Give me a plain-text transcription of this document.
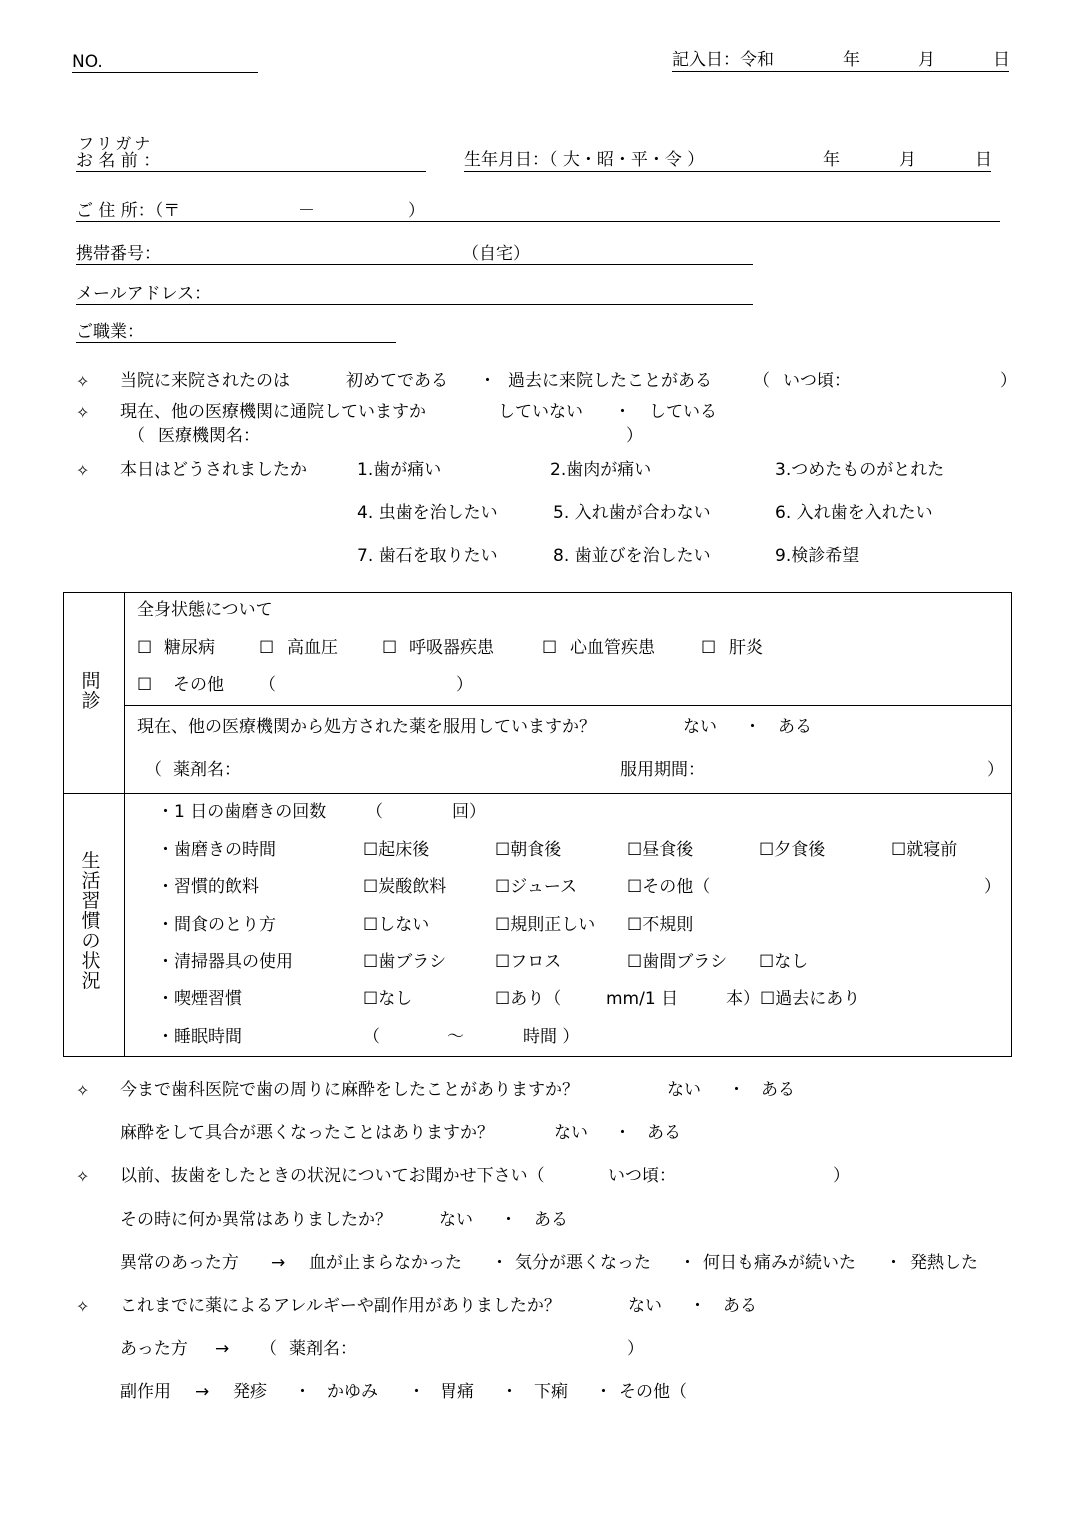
NO.	記入日：令和	年	月	日
フリガナ
お 名 前 ：	生年月日：（ 大・昭・平・令 ）	年	月	日
ご 住 所：（〒	－	）
携帯番号：	（自宅）
メールアドレス：
ご職業：
✧ 当院に来院されたのは	初めてである ・ 過去に来院したことがある （ いつ頃：	）
✧ 現在、他の医療機関に通院していますか	していない ・ している
（ 医療機関名：	）
✧ 本日はどうされましたか	1.歯が痛い	2.歯肉が痛い	3.つめたものがとれた
4. 虫歯を治したい	5. 入れ歯が合わない	6. 入れ歯を入れたい
7. 歯石を取りたい	8. 歯並びを治したい	9.検診希望
問
診
全身状態について
☐ 糖尿病	☐ 高血圧	☐ 呼吸器疾患	☐ 心血管疾患	☐ 肝炎
☐ その他 （	）
現在、他の医療機関から処方された薬を服用していますか？	ない ・ ある
（ 薬剤名：	服用期間：	）
生
活
習
慣
の
状
況
・1 日の歯磨きの回数 （	回）
・歯磨きの時間	☐起床後	☐朝食後	☐昼食後	☐夕食後	☐就寝前
・習慣的飲料	☐炭酸飲料	☐ジュース	☐その他（	）
・間食のとり方	☐しない	☐規則正しい ☐不規則
・清掃器具の使用	☐歯ブラシ	☐フロス	☐歯間ブラシ ☐なし
・喫煙習慣	☐なし	☐あり（	mm/1 日	本）☐過去にあり
・睡眠時間	（	～	時間 ）
✧ 今まで歯科医院で歯の周りに麻酔をしたことがありますか？	ない ・ ある
麻酔をして具合が悪くなったことはありますか？	ない ・ ある
✧ 以前、抜歯をしたときの状況についてお聞かせ下さい（	いつ頃：	）
その時に何か異常はありましたか？	ない ・ ある
異常のあった方 → 血が止まらなかった ・ 気分が悪くなった ・ 何日も痛みが続いた ・ 発熱した
✧ これまでに薬によるアレルギーや副作用がありましたか？	ない ・ ある
あった方 → （ 薬剤名：	）
副作用 → 発疹 ・ かゆみ ・ 胃痛 ・ 下痢 ・ その他（
